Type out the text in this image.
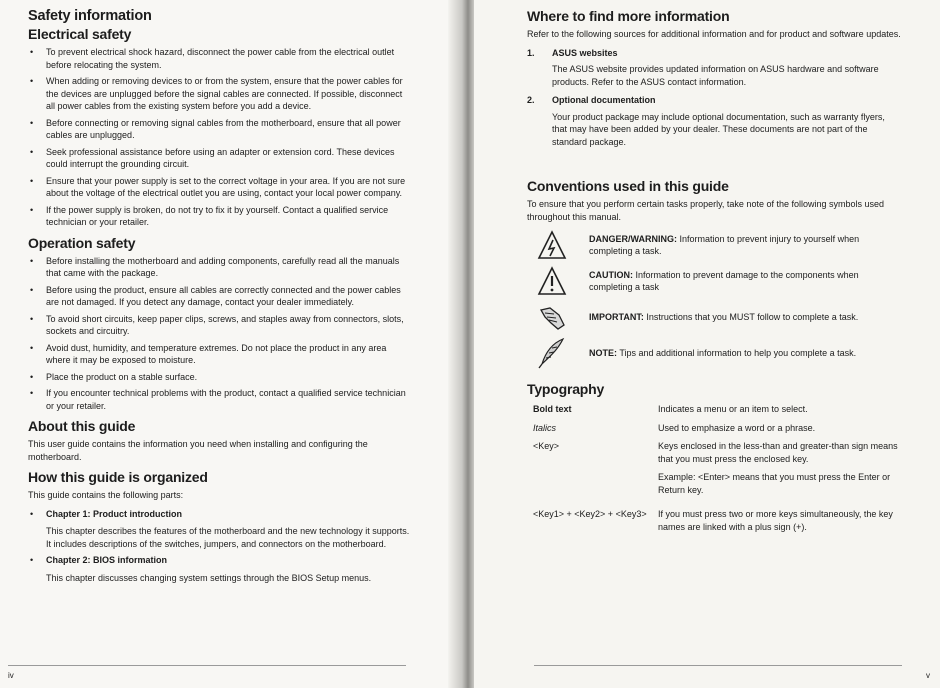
Safety information
Electrical safety
• To prevent electrical shock hazard, disconnect the power cable from the electrical outlet before relocating the system.
• When adding or removing devices to or from the system, ensure that the power cables for the devices are unplugged before the signal cables are connected. If possible, disconnect all power cables from the existing system before you add a device.
• Before connecting or removing signal cables from the motherboard, ensure that all power cables are unplugged.
• Seek professional assistance before using an adapter or extension cord. These devices could interrupt the grounding circuit.
• Ensure that your power supply is set to the correct voltage in your area. If you are not sure about the voltage of the electrical outlet you are using, contact your local power company.
• If the power supply is broken, do not try to fix it by yourself. Contact a qualified service technician or your retailer.
Operation safety
• Before installing the motherboard and adding components, carefully read all the manuals that came with the package.
• Before using the product, ensure all cables are correctly connected and the power cables are not damaged. If you detect any damage, contact your dealer immediately.
• To avoid short circuits, keep paper clips, screws, and staples away from connectors, slots, sockets and circuitry.
• Avoid dust, humidity, and temperature extremes. Do not place the product in any area where it may be exposed to moisture.
• Place the product on a stable surface.
• If you encounter technical problems with the product, contact a qualified service technician or your retailer.
About this guide

This user guide contains the information you need when installing and configuring the motherboard.

How this guide is organized

This guide contains the following parts:

• Chapter 1: Product introduction
This chapter describes the features of the motherboard and the new technology it supports. It includes descriptions of the switches, jumpers, and connectors on the motherboard.
• Chapter 2: BIOS information
This chapter discusses changing system settings through the BIOS Setup menus.
iv
Where to find more information

Refer to the following sources for additional information and for product and software updates.

1. ASUS websites
The ASUS website provides updated information on ASUS hardware and software products. Refer to the ASUS contact information.
2. Optional documentation
Your product package may include optional documentation, such as warranty flyers, that may have been added by your dealer. These documents are not part of the standard package.
Conventions used in this guide

To ensure that you perform certain tasks properly, take note of the following symbols used throughout this manual.

DANGER/WARNING: Information to prevent injury to yourself when completing a task.
CAUTION: Information to prevent damage to the components when completing a task
IMPORTANT: Instructions that you MUST follow to complete a task.
NOTE: Tips and additional information to help you complete a task.
Typography
Bold text	Indicates a menu or an item to select.
Italics	Used to emphasize a word or a phrase.
<Key>	Keys enclosed in the less-than and greater-than sign means that you must press the enclosed key.
	Example: <Enter> means that you must press the Enter or Return key.
<Key1> + <Key2> + <Key3>	If you must press two or more keys simultaneously, the key names are linked with a plus sign (+).
v
